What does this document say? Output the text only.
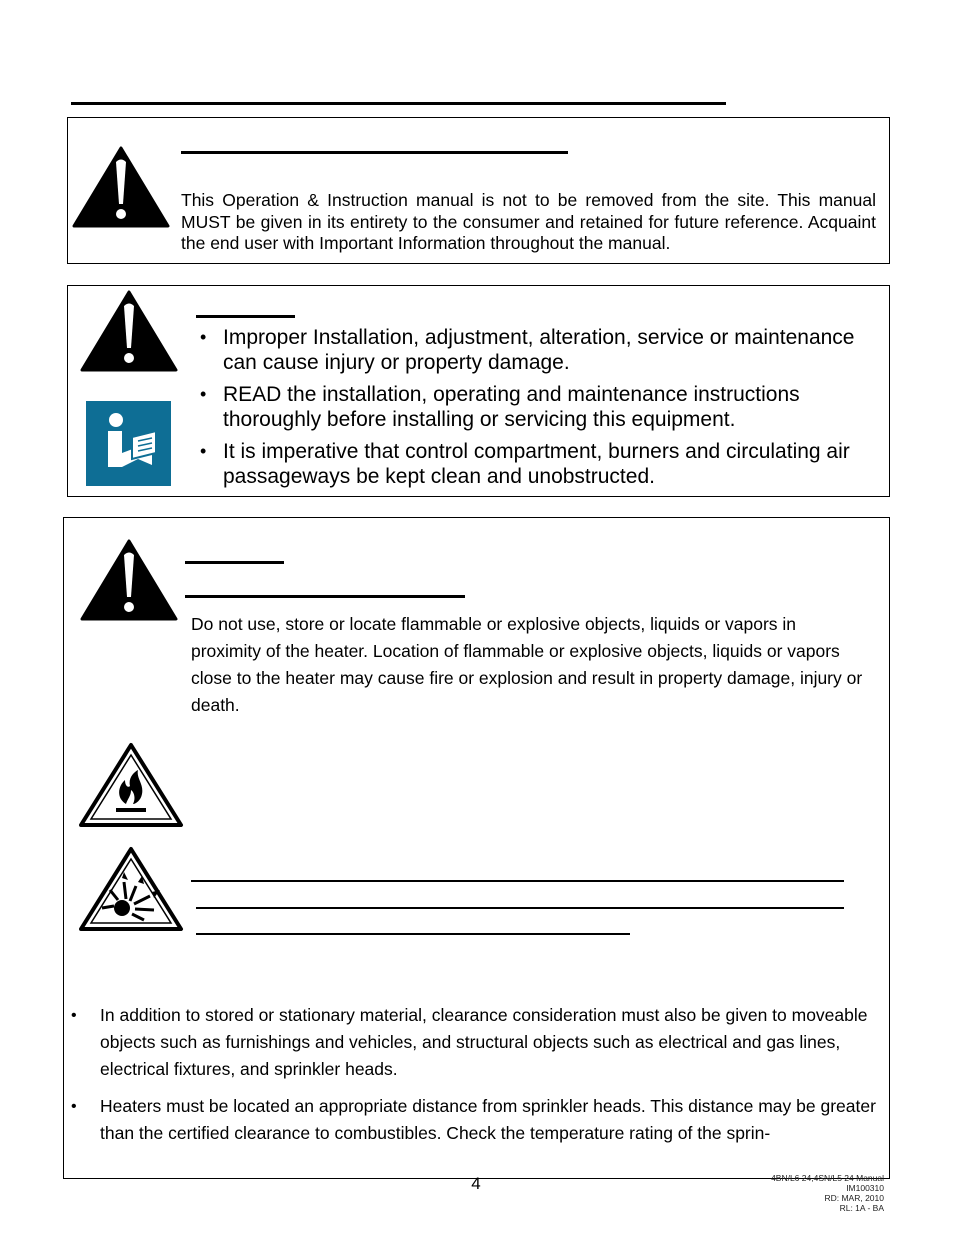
This Operation & Instruction manual is not to be removed from the site. This manual MUST be given in its entirety to the consumer and retained for future reference. Acquaint the end user with Important Information throughout the manual.

• Improper Installation, adjustment, alteration, service or maintenance can cause injury or property damage.
• READ the installation, operating and maintenance instructions thoroughly before installing or servicing this equipment.
• It is imperative that control compartment, burners and circulating air passageways be kept clean and unobstructed.

Do not use, store or locate flammable or explosive objects, liquids or vapors in proximity of the heater. Location of flammable or explosive objects, liquids or vapors close to the heater may cause fire or explosion and result in property damage, injury or death.

• In addition to stored or stationary material, clearance consideration must also be given to moveable objects such as furnishings and vehicles, and structural objects such as electrical and gas lines, electrical fixtures, and sprinkler heads.
• Heaters must be located an appropriate distance from sprinkler heads. This distance may be greater than the certified clearance to combustibles. Check the temperature rating of the sprin-
4	4BN/L6 24,4SN/L5 24 Manual
IM100310
RD: MAR, 2010
RL: 1A - BA
